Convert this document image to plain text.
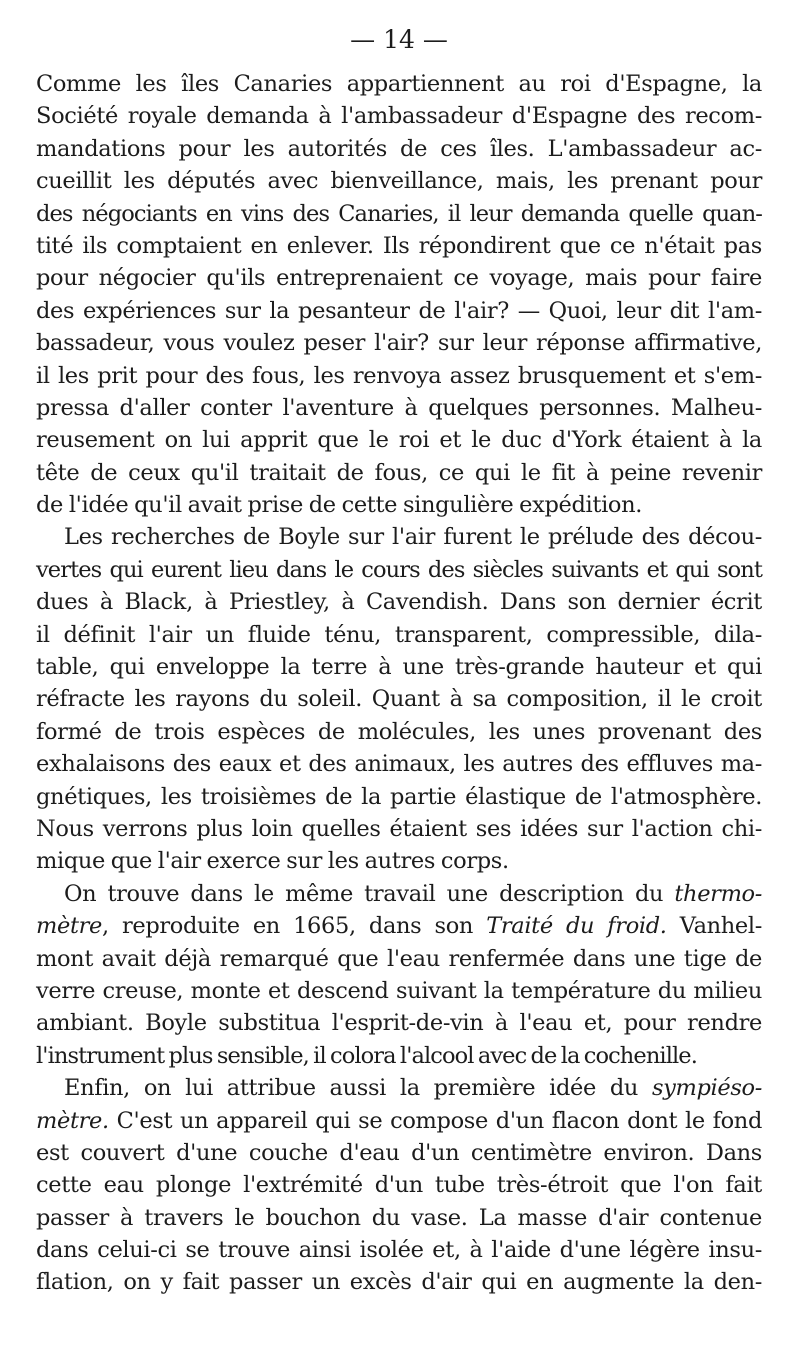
— 14 —
Comme les îles Canaries appartiennent au roi d'Espagne, la
Société royale demanda à l'ambassadeur d'Espagne des recom-
mandations pour les autorités de ces îles. L'ambassadeur ac-
cueillit les députés avec bienveillance, mais, les prenant pour
des négociants en vins des Canaries, il leur demanda quelle quan-
tité ils comptaient en enlever. Ils répondirent que ce n'était pas
pour négocier qu'ils entreprenaient ce voyage, mais pour faire
des expériences sur la pesanteur de l'air? — Quoi, leur dit l'am-
bassadeur, vous voulez peser l'air? sur leur réponse affirmative,
il les prit pour des fous, les renvoya assez brusquement et s'em-
pressa d'aller conter l'aventure à quelques personnes. Malheu-
reusement on lui apprit que le roi et le duc d'York étaient à la
tête de ceux qu'il traitait de fous, ce qui le fit à peine revenir
de l'idée qu'il avait prise de cette singulière expédition.
Les recherches de Boyle sur l'air furent le prélude des décou-
vertes qui eurent lieu dans le cours des siècles suivants et qui sont
dues à Black, à Priestley, à Cavendish. Dans son dernier écrit
il définit l'air un fluide ténu, transparent, compressible, dila-
table, qui enveloppe la terre à une très-grande hauteur et qui
réfracte les rayons du soleil. Quant à sa composition, il le croit
formé de trois espèces de molécules, les unes provenant des
exhalaisons des eaux et des animaux, les autres des effluves ma-
gnétiques, les troisièmes de la partie élastique de l'atmosphère.
Nous verrons plus loin quelles étaient ses idées sur l'action chi-
mique que l'air exerce sur les autres corps.
On trouve dans le même travail une description du thermo-
mètre, reproduite en 1665, dans son Traité du froid. Vanhel-
mont avait déjà remarqué que l'eau renfermée dans une tige de
verre creuse, monte et descend suivant la température du milieu
ambiant. Boyle substitua l'esprit-de-vin à l'eau et, pour rendre
l'instrument plus sensible, il colora l'alcool avec de la cochenille.
Enfin, on lui attribue aussi la première idée du sympiéso-
mètre. C'est un appareil qui se compose d'un flacon dont le fond
est couvert d'une couche d'eau d'un centimètre environ. Dans
cette eau plonge l'extrémité d'un tube très-étroit que l'on fait
passer à travers le bouchon du vase. La masse d'air contenue
dans celui-ci se trouve ainsi isolée et, à l'aide d'une légère insu-
flation, on y fait passer un excès d'air qui en augmente la den-
